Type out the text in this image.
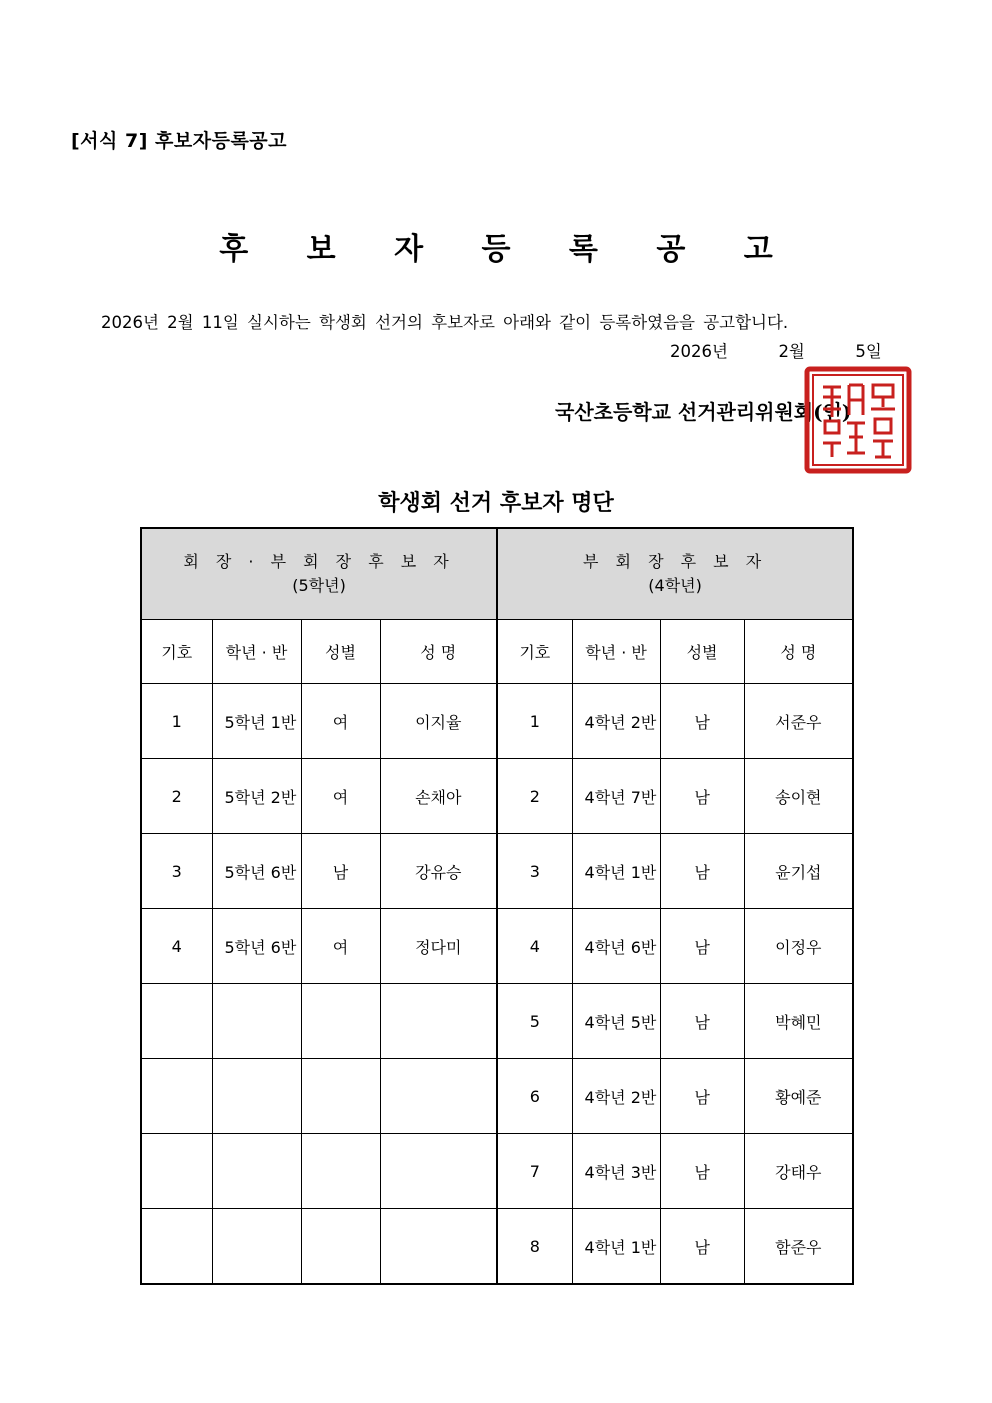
[서식 7] 후보자등록공고
후 보 자 등 록 공 고
2026년 2월 11일 실시하는 학생회 선거의 후보자로 아래와 같이 등록하였음을 공고합니다.
2026년	2월	5일
국산초등학교 선거관리위원회(인)
학생회 선거 후보자 명단
회 장 · 부 회 장 후 보 자
(5학년)				부 회 장 후 보 자
(4학년)			
기호	학년 · 반	성별	성 명	기호	학년 · 반	성별	성 명
1	5학년 1반	여	이지율	1	4학년 2반	남	서준우
2	5학년 2반	여	손채아	2	4학년 7반	남	송이현
3	5학년 6반	남	강유승	3	4학년 1반	남	윤기섭
4	5학년 6반	여	정다미	4	4학년 6반	남	이정우
				5	4학년 5반	남	박혜민
				6	4학년 2반	남	황예준
				7	4학년 3반	남	강태우
				8	4학년 1반	남	함준우
